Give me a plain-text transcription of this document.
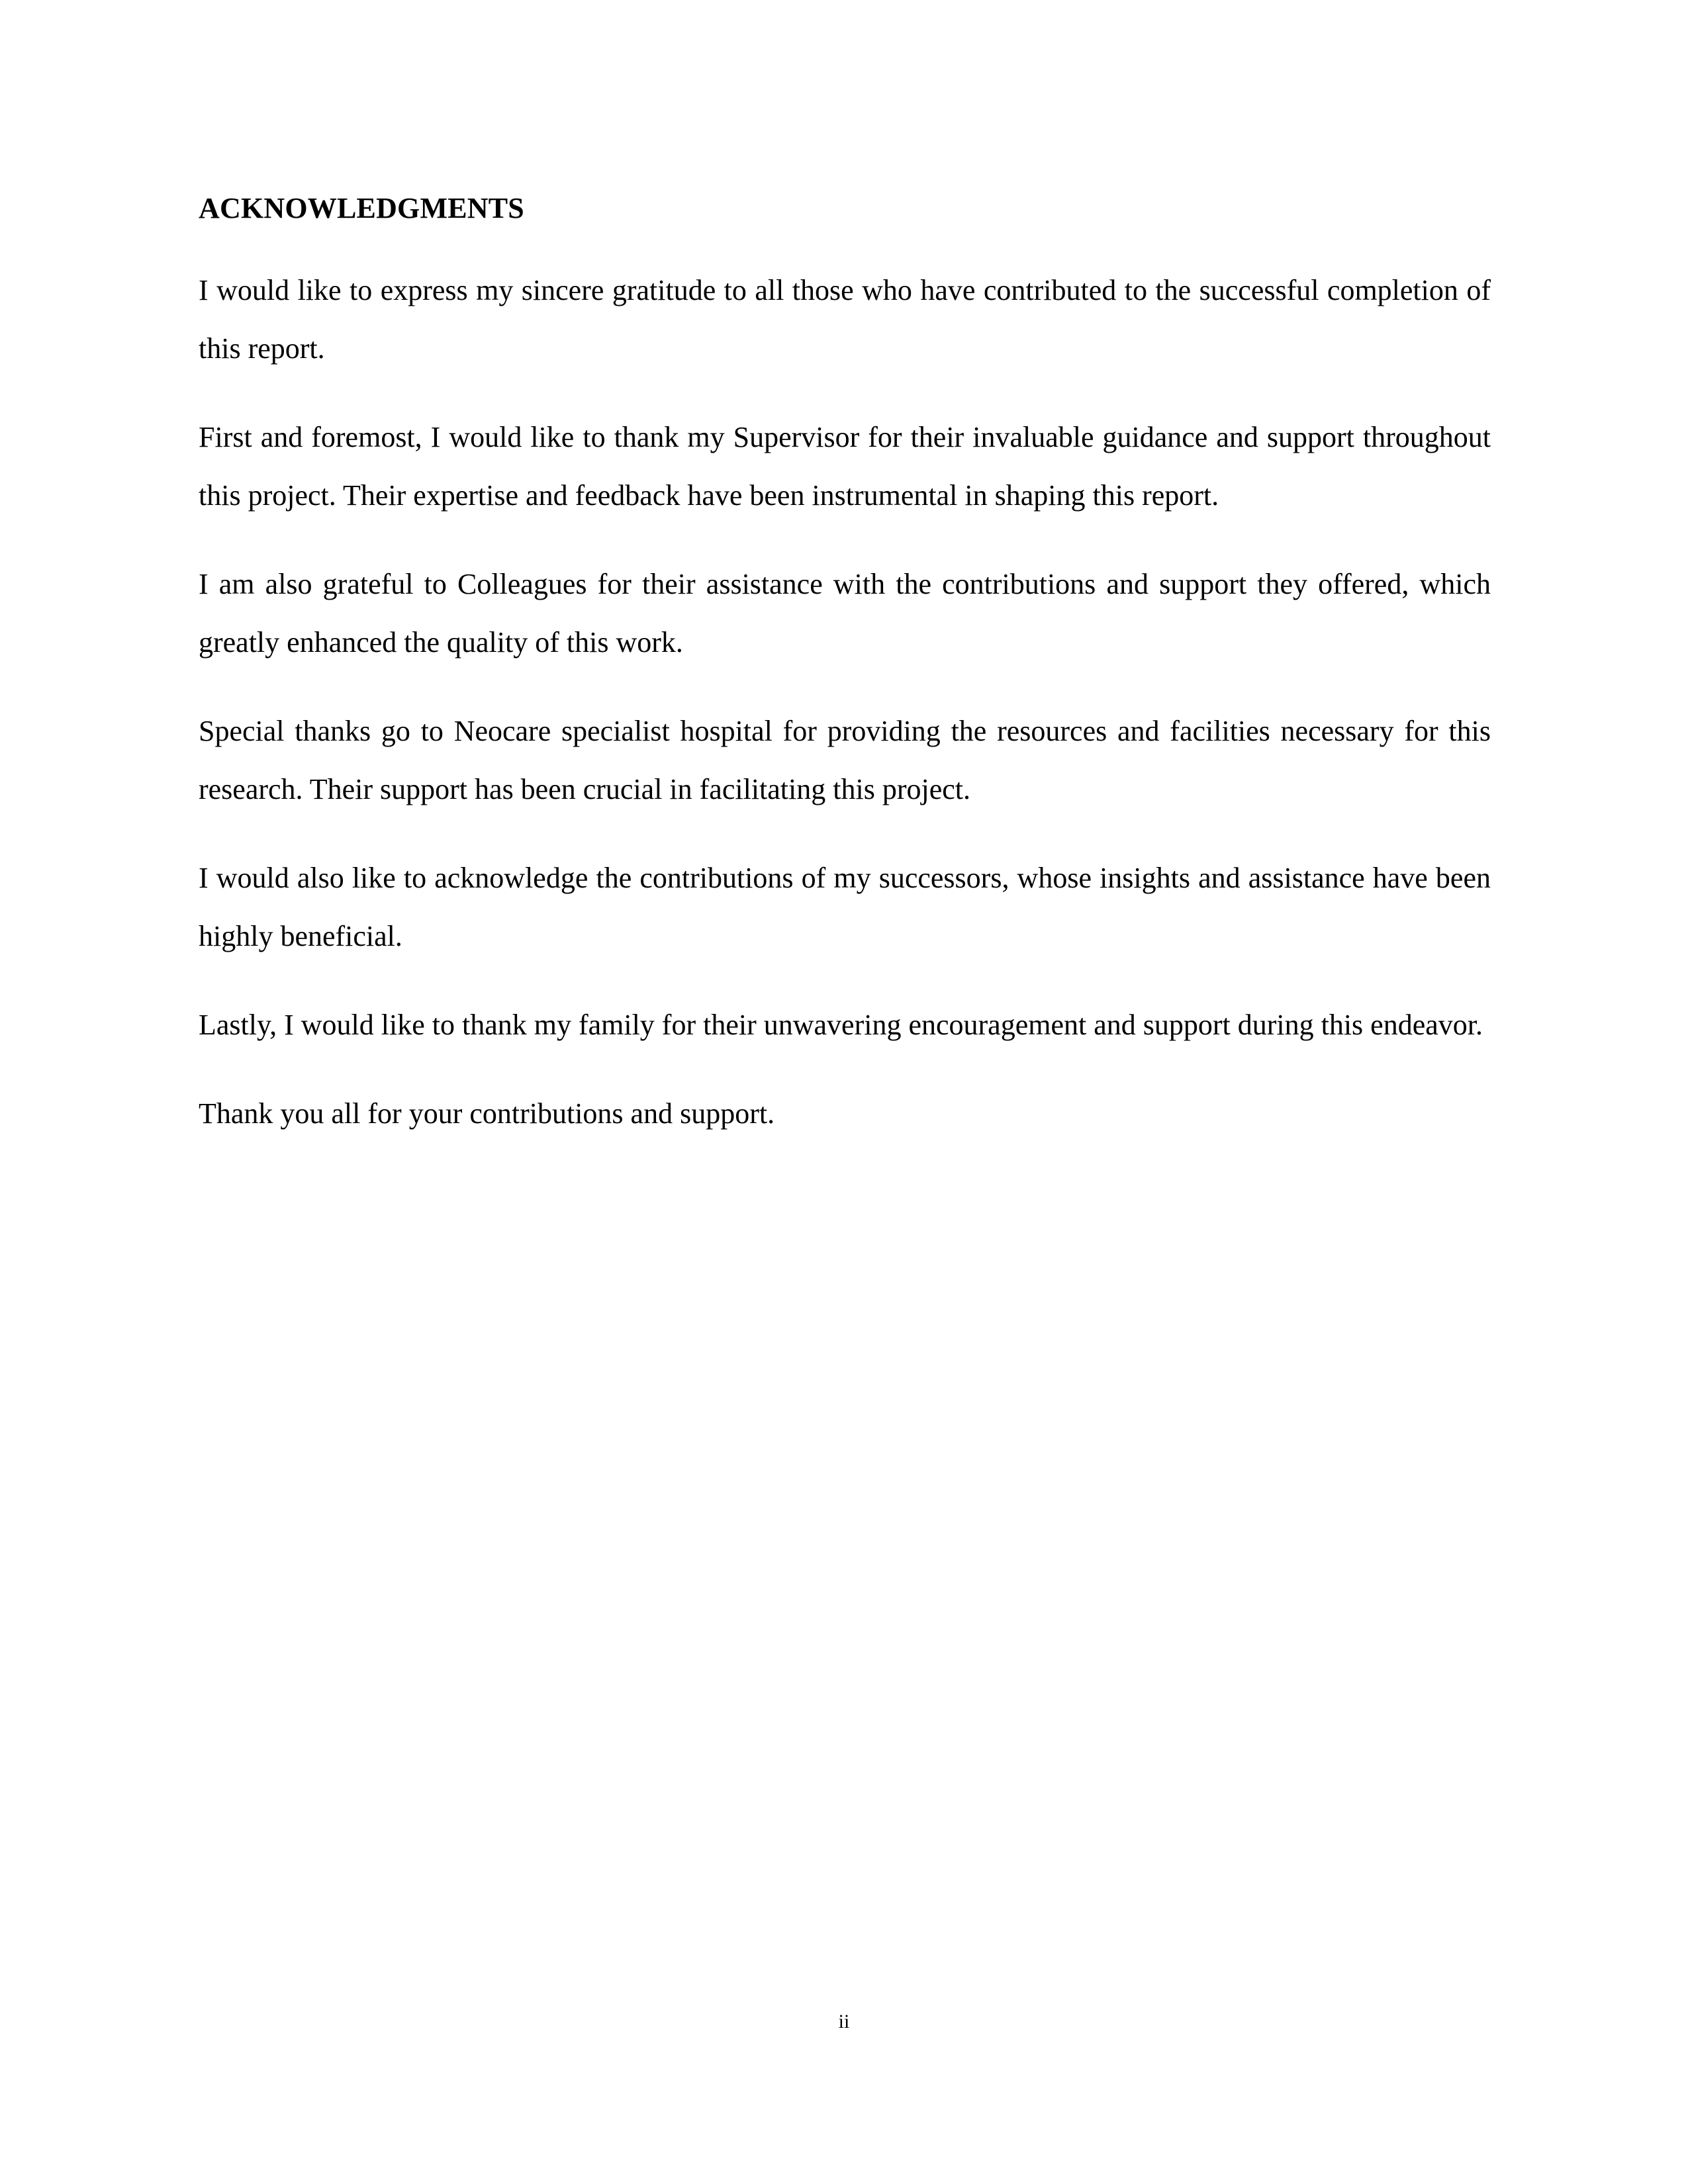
ACKNOWLEDGMENTS

I would like to express my sincere gratitude to all those who have contributed to the successful completion of this report.

First and foremost, I would like to thank my Supervisor for their invaluable guidance and support throughout this project. Their expertise and feedback have been instrumental in shaping this report.

I am also grateful to Colleagues for their assistance with the contributions and support they offered, which greatly enhanced the quality of this work.

Special thanks go to Neocare specialist hospital for providing the resources and facilities necessary for this research. Their support has been crucial in facilitating this project.

I would also like to acknowledge the contributions of my successors, whose insights and assistance have been highly beneficial.

Lastly, I would like to thank my family for their unwavering encouragement and support during this endeavor.

Thank you all for your contributions and support.

ii
